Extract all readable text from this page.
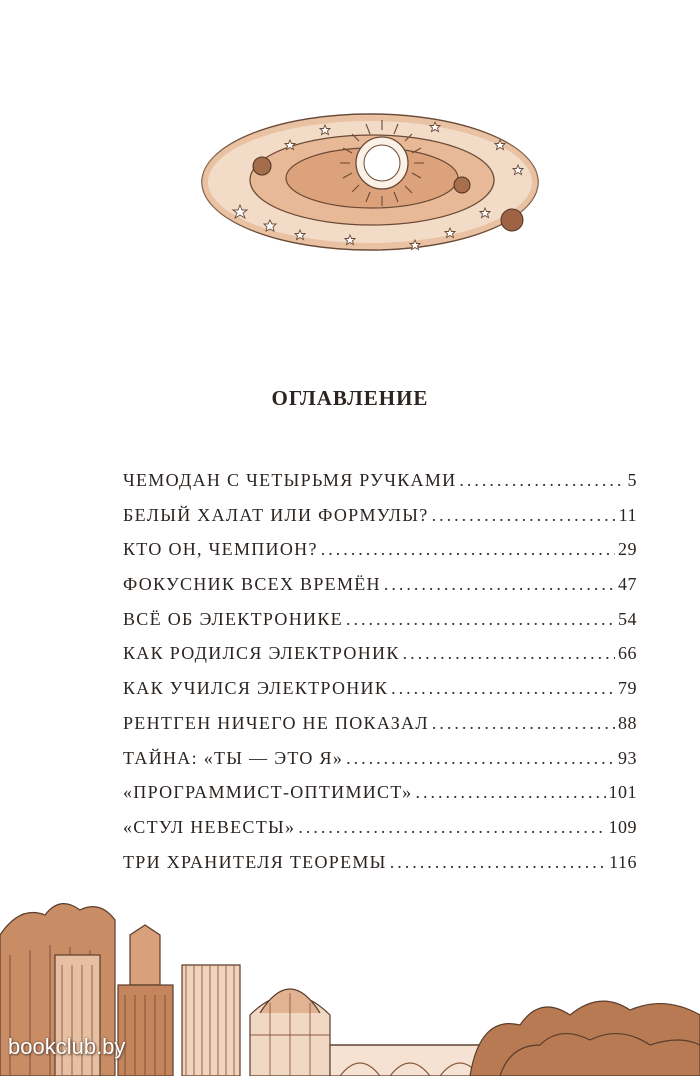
ОГЛАВЛЕНИЕ
ЧЕМОДАН С ЧЕТЫРЬМЯ РУЧКАМИ .....	5
БЕЛЫЙ ХАЛАТ ИЛИ ФОРМУЛЫ? .....	11
КТО ОН, ЧЕМПИОН? .....	29
ФОКУСНИК ВСЕХ ВРЕМЁН .....	47
ВСЁ ОБ ЭЛЕКТРОНИКЕ .....	54
КАК РОДИЛСЯ ЭЛЕКТРОНИК .....	66
КАК УЧИЛСЯ ЭЛЕКТРОНИК .....	79
РЕНТГЕН НИЧЕГО НЕ ПОКАЗАЛ .....	88
ТАЙНА: «ТЫ — ЭТО Я» .....	93
«ПРОГРАММИСТ-ОПТИМИСТ» .....	101
«СТУЛ НЕВЕСТЫ» .....	109
ТРИ ХРАНИТЕЛЯ ТЕОРЕМЫ .....	116
bookclub.by
